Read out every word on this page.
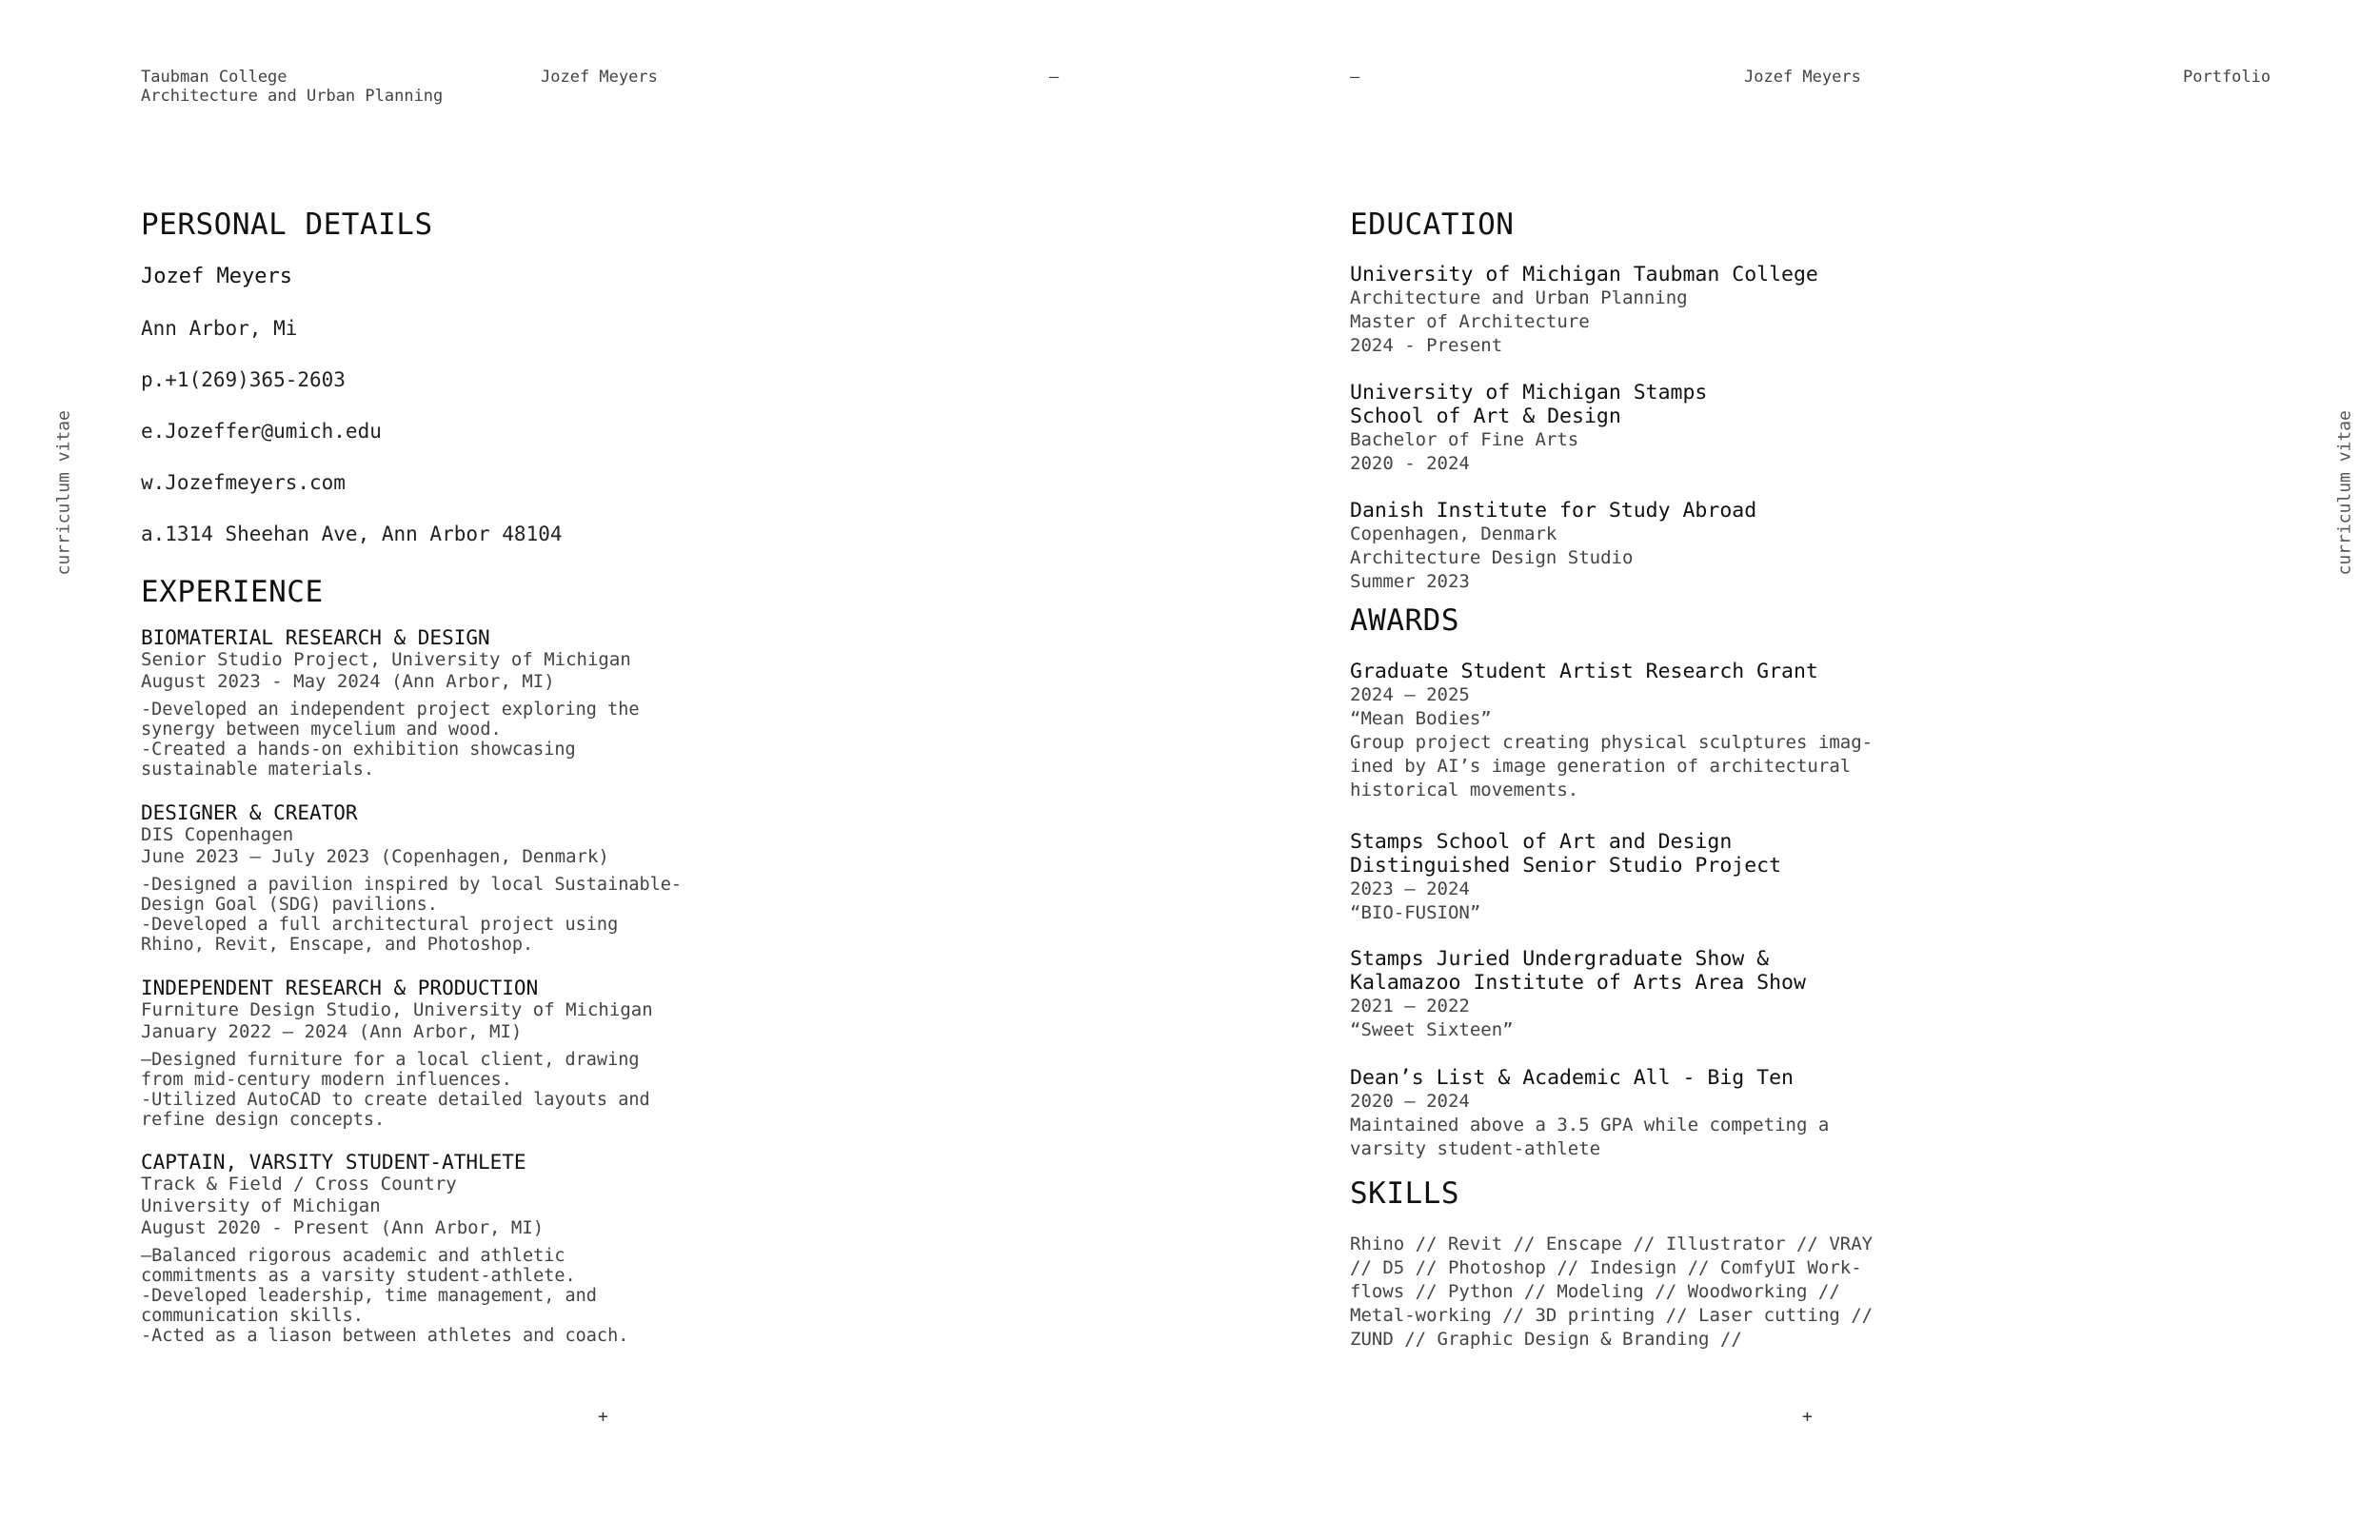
Taubman College
Architecture and Urban Planning
Jozef Meyers	—	–	Jozef Meyers	Portfolio
curriculum vitae	curriculum vitae
PERSONAL DETAILS
Jozef Meyers
Ann Arbor, Mi
p.+1(269)365-2603
e.Jozeffer@umich.edu
w.Jozefmeyers.com
a.1314 Sheehan Ave, Ann Arbor 48104
EXPERIENCE
BIOMATERIAL RESEARCH & DESIGN
Senior Studio Project, University of Michigan
August 2023 - May 2024 (Ann Arbor, MI)
-Developed an independent project exploring the
synergy between mycelium and wood.
-Created a hands-on exhibition showcasing
sustainable materials.
DESIGNER & CREATOR
DIS Copenhagen
June 2023 – July 2023 (Copenhagen, Denmark)
-Designed a pavilion inspired by local Sustainable-
Design Goal (SDG) pavilions.
-Developed a full architectural project using
Rhino, Revit, Enscape, and Photoshop.
INDEPENDENT RESEARCH & PRODUCTION
Furniture Design Studio, University of Michigan
January 2022 – 2024 (Ann Arbor, MI)
–Designed furniture for a local client, drawing
from mid-century modern influences.
-Utilized AutoCAD to create detailed layouts and
refine design concepts.
CAPTAIN, VARSITY STUDENT-ATHLETE
Track & Field / Cross Country
University of Michigan
August 2020 - Present (Ann Arbor, MI)
–Balanced rigorous academic and athletic
commitments as a varsity student-athlete.
-Developed leadership, time management, and
communication skills.
-Acted as a liason between athletes and coach.
EDUCATION
University of Michigan Taubman College
Architecture and Urban Planning
Master of Architecture
2024 - Present
University of Michigan Stamps
School of Art & Design
Bachelor of Fine Arts
2020 - 2024
Danish Institute for Study Abroad
Copenhagen, Denmark
Architecture Design Studio
Summer 2023
AWARDS
Graduate Student Artist Research Grant
2024 – 2025
“Mean Bodies”
Group project creating physical sculptures imag-
ined by AI’s image generation of architectural
historical movements.
Stamps School of Art and Design
Distinguished Senior Studio Project
2023 – 2024
“BIO-FUSION”
Stamps Juried Undergraduate Show &
Kalamazoo Institute of Arts Area Show
2021 – 2022
“Sweet Sixteen”
Dean’s List & Academic All - Big Ten
2020 – 2024
Maintained above a 3.5 GPA while competing a
varsity student-athlete
SKILLS
Rhino // Revit // Enscape // Illustrator // VRAY
// D5 // Photoshop // Indesign // ComfyUI Work-
flows // Python // Modeling // Woodworking //
Metal-working // 3D printing // Laser cutting //
ZUND // Graphic Design & Branding //
+	+
